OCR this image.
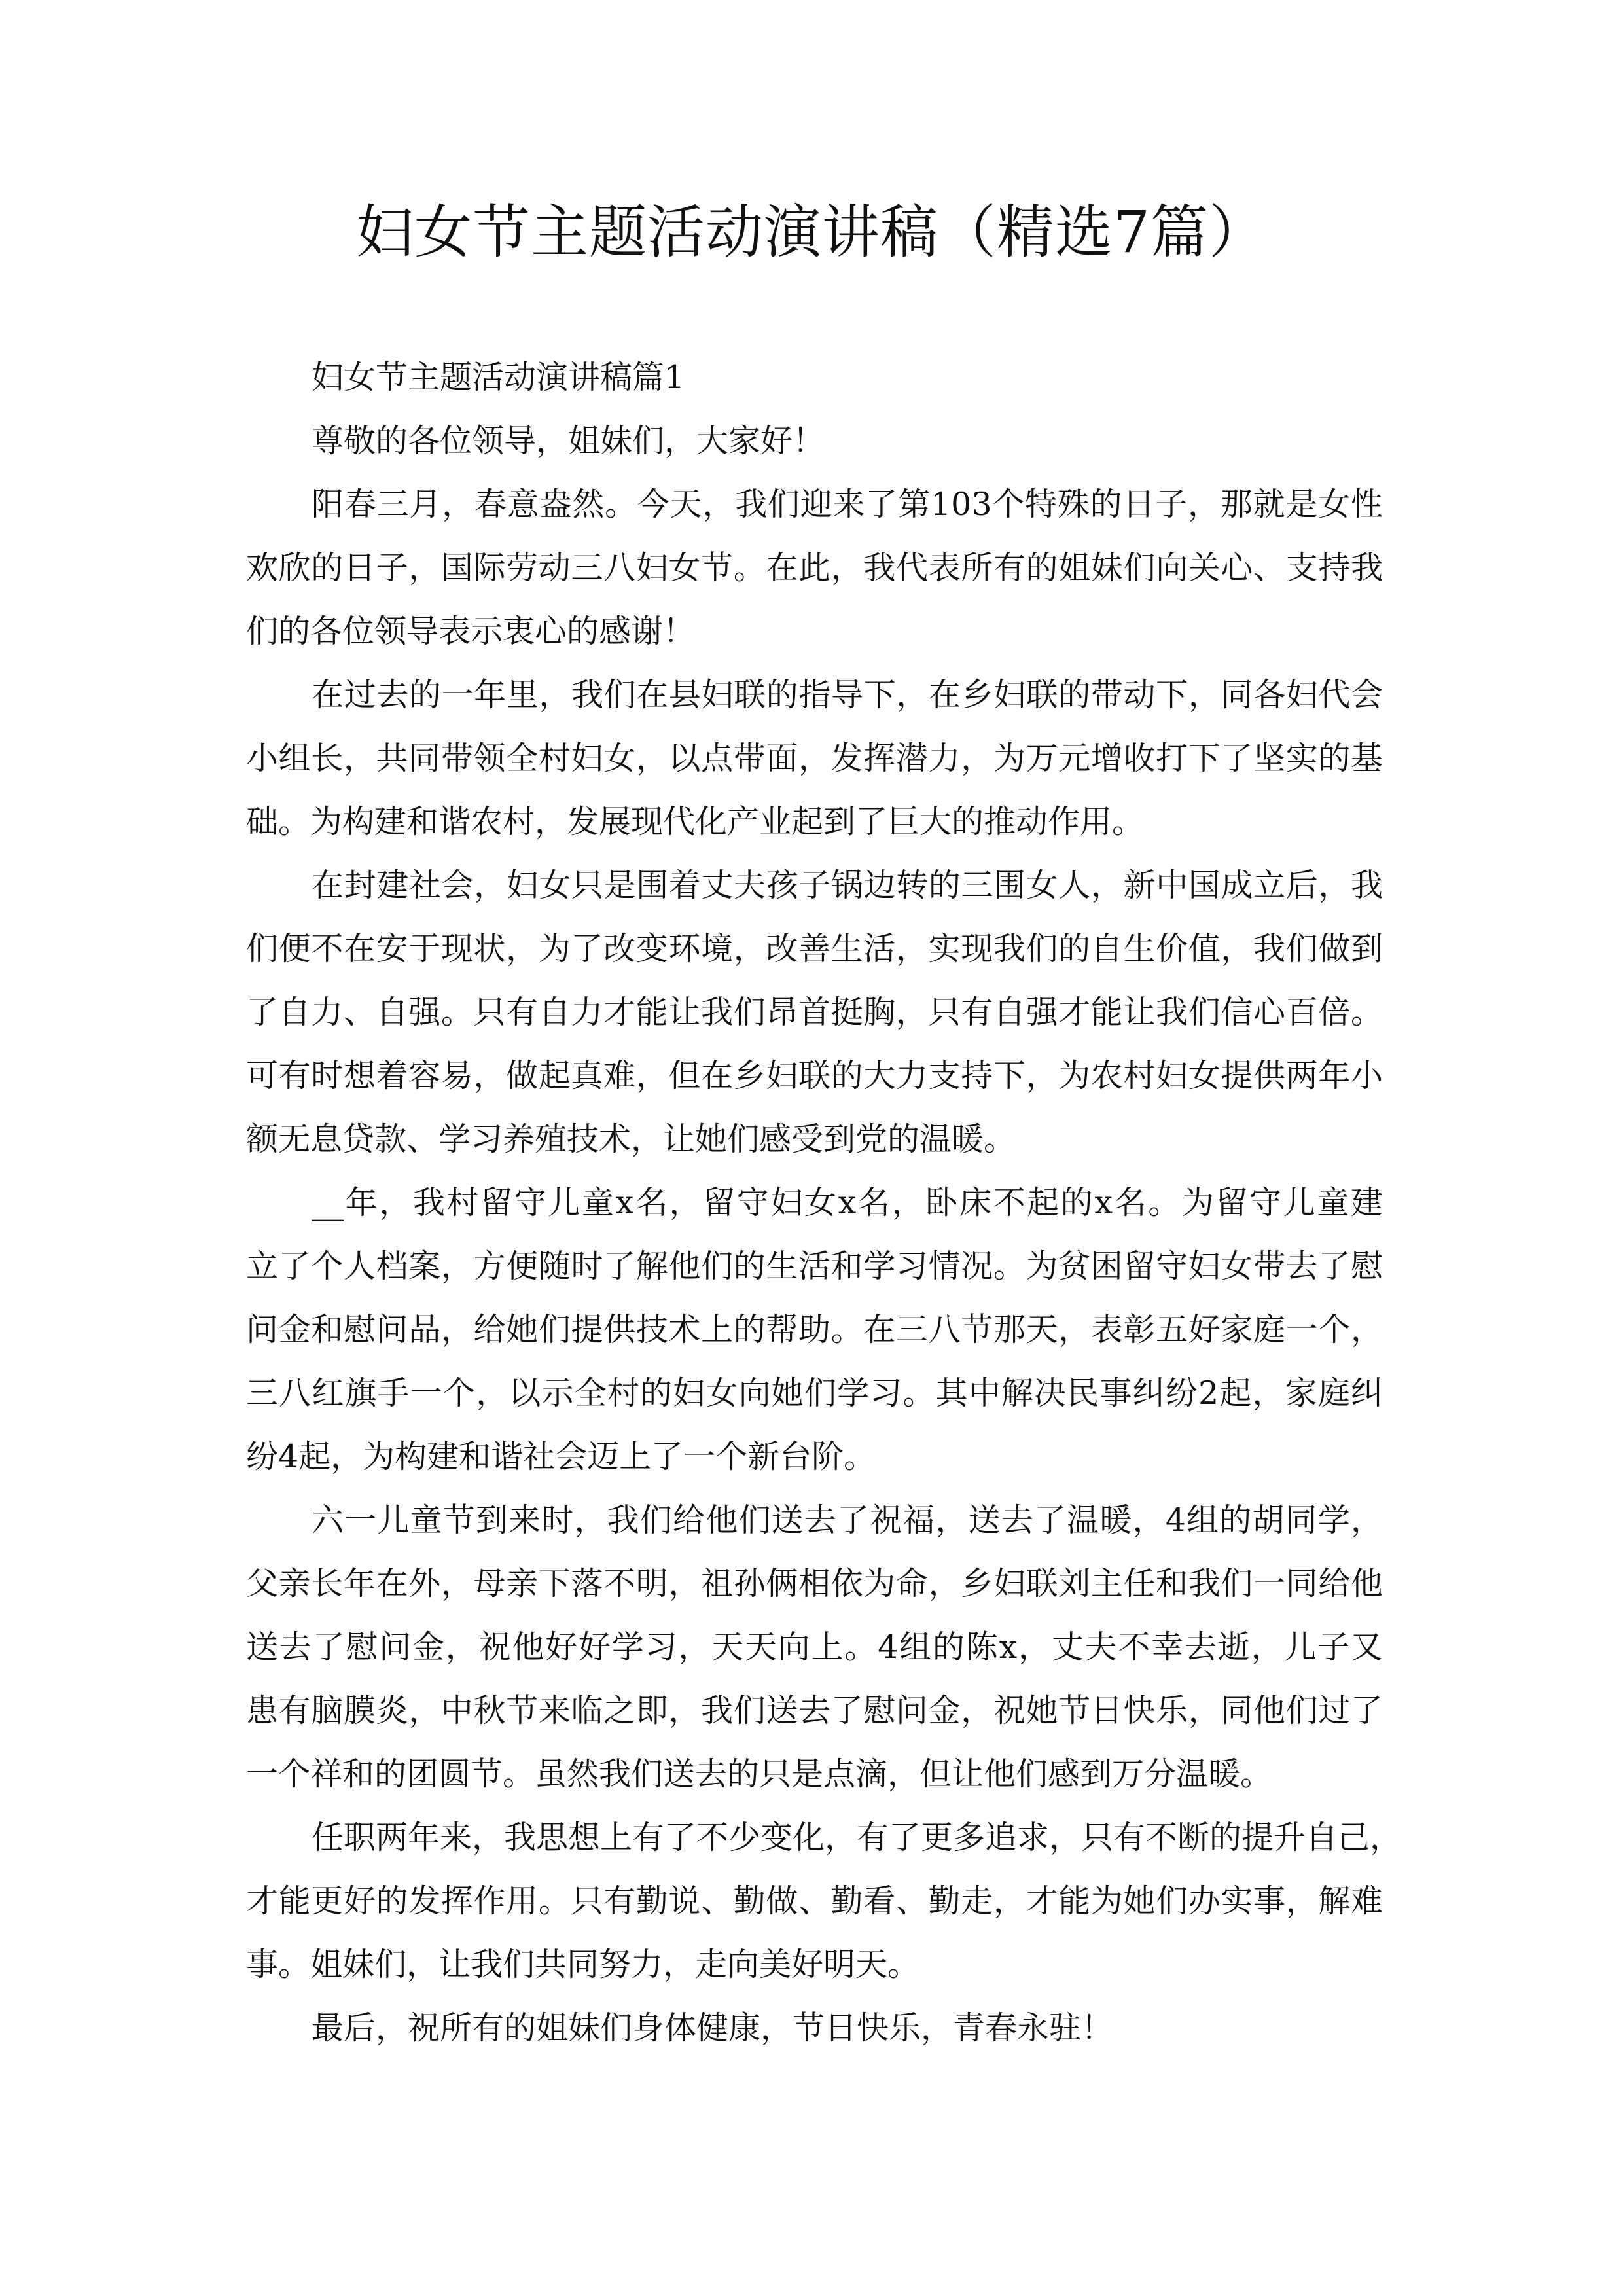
妇女节主题活动演讲稿（精选7篇）
妇女节主题活动演讲稿篇1
尊敬的各位领导，姐妹们，大家好！
阳春三月，春意盎然。今天，我们迎来了第103个特殊的日子，那就是女性
欢欣的日子，国际劳动三八妇女节。在此，我代表所有的姐妹们向关心、支持我
们的各位领导表示衷心的感谢！
在过去的一年里，我们在县妇联的指导下，在乡妇联的带动下，同各妇代会
小组长，共同带领全村妇女，以点带面，发挥潜力，为万元增收打下了坚实的基
础。为构建和谐农村，发展现代化产业起到了巨大的推动作用。
在封建社会，妇女只是围着丈夫孩子锅边转的三围女人，新中国成立后，我
们便不在安于现状，为了改变环境，改善生活，实现我们的自生价值，我们做到
了自力、自强。只有自力才能让我们昂首挺胸，只有自强才能让我们信心百倍。
可有时想着容易，做起真难，但在乡妇联的大力支持下，为农村妇女提供两年小
额无息贷款、学习养殖技术，让她们感受到党的温暖。
__年，我村留守儿童x名，留守妇女x名，卧床不起的x名。为留守儿童建
立了个人档案，方便随时了解他们的生活和学习情况。为贫困留守妇女带去了慰
问金和慰问品，给她们提供技术上的帮助。在三八节那天，表彰五好家庭一个，
三八红旗手一个，以示全村的妇女向她们学习。其中解决民事纠纷2起，家庭纠
纷4起，为构建和谐社会迈上了一个新台阶。
六一儿童节到来时，我们给他们送去了祝福，送去了温暖，4组的胡同学，
父亲长年在外，母亲下落不明，祖孙俩相依为命，乡妇联刘主任和我们一同给他
送去了慰问金，祝他好好学习，天天向上。4组的陈x，丈夫不幸去逝，儿子又
患有脑膜炎，中秋节来临之即，我们送去了慰问金，祝她节日快乐，同他们过了
一个祥和的团圆节。虽然我们送去的只是点滴，但让他们感到万分温暖。
任职两年来，我思想上有了不少变化，有了更多追求，只有不断的提升自己，
才能更好的发挥作用。只有勤说、勤做、勤看、勤走，才能为她们办实事，解难
事。姐妹们，让我们共同努力，走向美好明天。
最后，祝所有的姐妹们身体健康，节日快乐，青春永驻！
